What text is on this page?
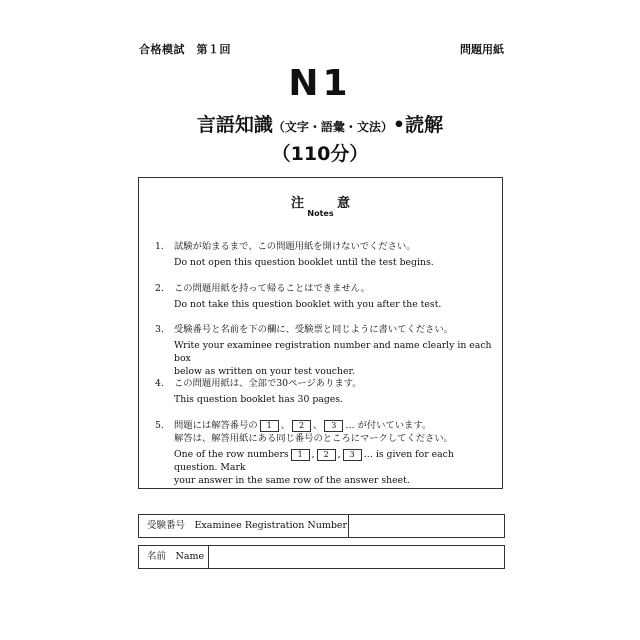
合格模試　第１回	問題用紙
N1
言語知識（文字・語彙・文法）•読解
（110分）
注　意
Notes
1.	試験が始まるまで、この問題用紙を開けないでください。
Do not open this question booklet until the test begins.
2.	この問題用紙を持って帰ることはできません。
Do not take this question booklet with you after the test.
3.	受験番号と名前を下の欄に、受験票と同じように書いてください。
Write your examinee registration number and name clearly in each box
below as written on your test voucher.
4.	この問題用紙は、全部で30ページあります。
This question booklet has 30 pages.
5.	問題には解答番号の 1 、 2 、 3 … が付いています。
解答は、解答用紙にある同じ番号のところにマークしてください。
One of the row numbers 1 , 2 , 3 … is given for each question. Mark
your answer in the same row of the answer sheet.
受験番号　Examinee Registration Number
名前　Name
